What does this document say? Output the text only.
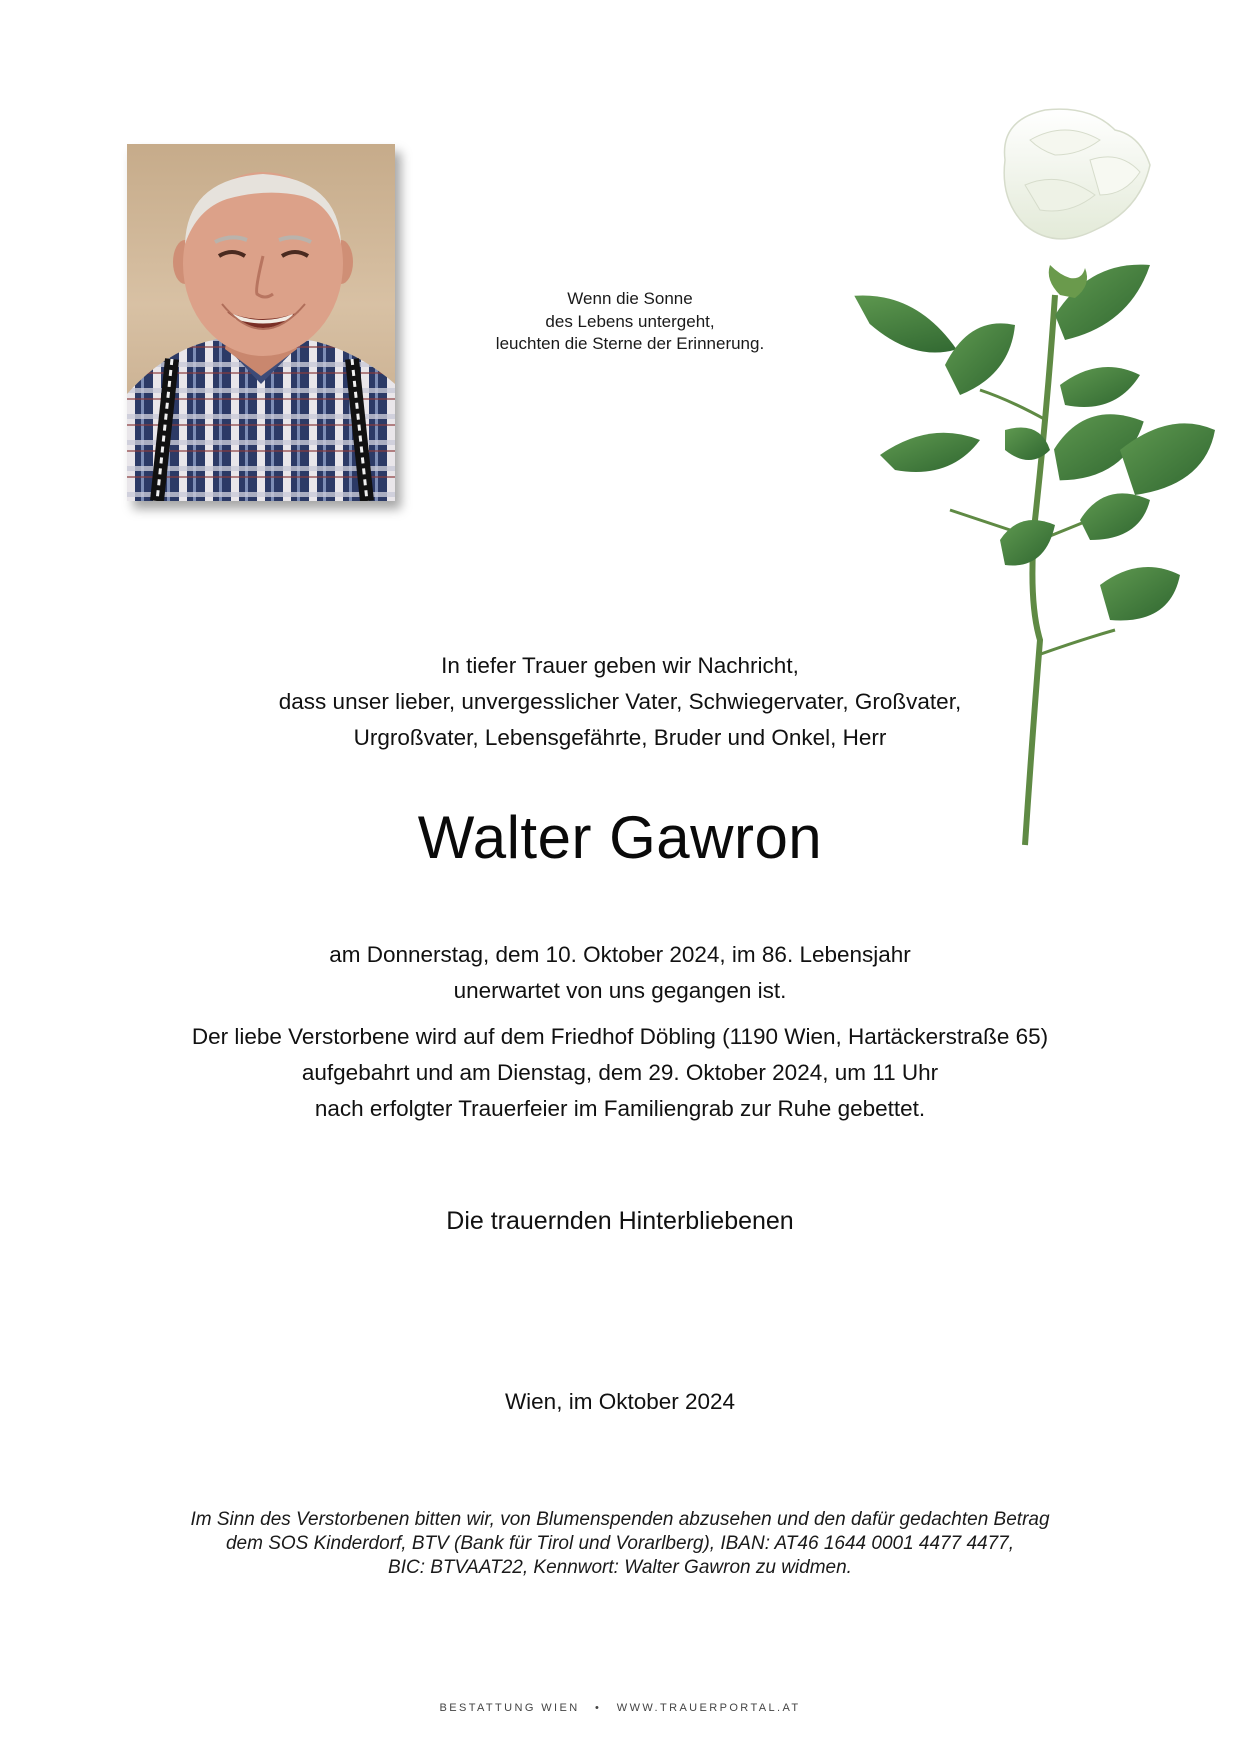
Wenn die Sonne
des Lebens untergeht,
leuchten die Sterne der Erinnerung.
In tiefer Trauer geben wir Nachricht,
dass unser lieber, unvergesslicher Vater, Schwiegervater, Großvater,
Urgroßvater, Lebensgefährte, Bruder und Onkel, Herr
Walter Gawron
am Donnerstag, dem 10. Oktober 2024, im 86. Lebensjahr
unerwartet von uns gegangen ist.
Der liebe Verstorbene wird auf dem Friedhof Döbling (1190 Wien, Hartäckerstraße 65)
aufgebahrt und am Dienstag, dem 29. Oktober 2024, um 11 Uhr
nach erfolgter Trauerfeier im Familiengrab zur Ruhe gebettet.
Die trauernden Hinterbliebenen
Wien, im Oktober 2024
Im Sinn des Verstorbenen bitten wir, von Blumenspenden abzusehen und den dafür gedachten Betrag
dem SOS Kinderdorf, BTV (Bank für Tirol und Vorarlberg), IBAN: AT46 1644 0001 4477 4477,
BIC: BTVAAT22, Kennwort: Walter Gawron zu widmen.
BESTATTUNG WIEN • WWW.TRAUERPORTAL.AT
